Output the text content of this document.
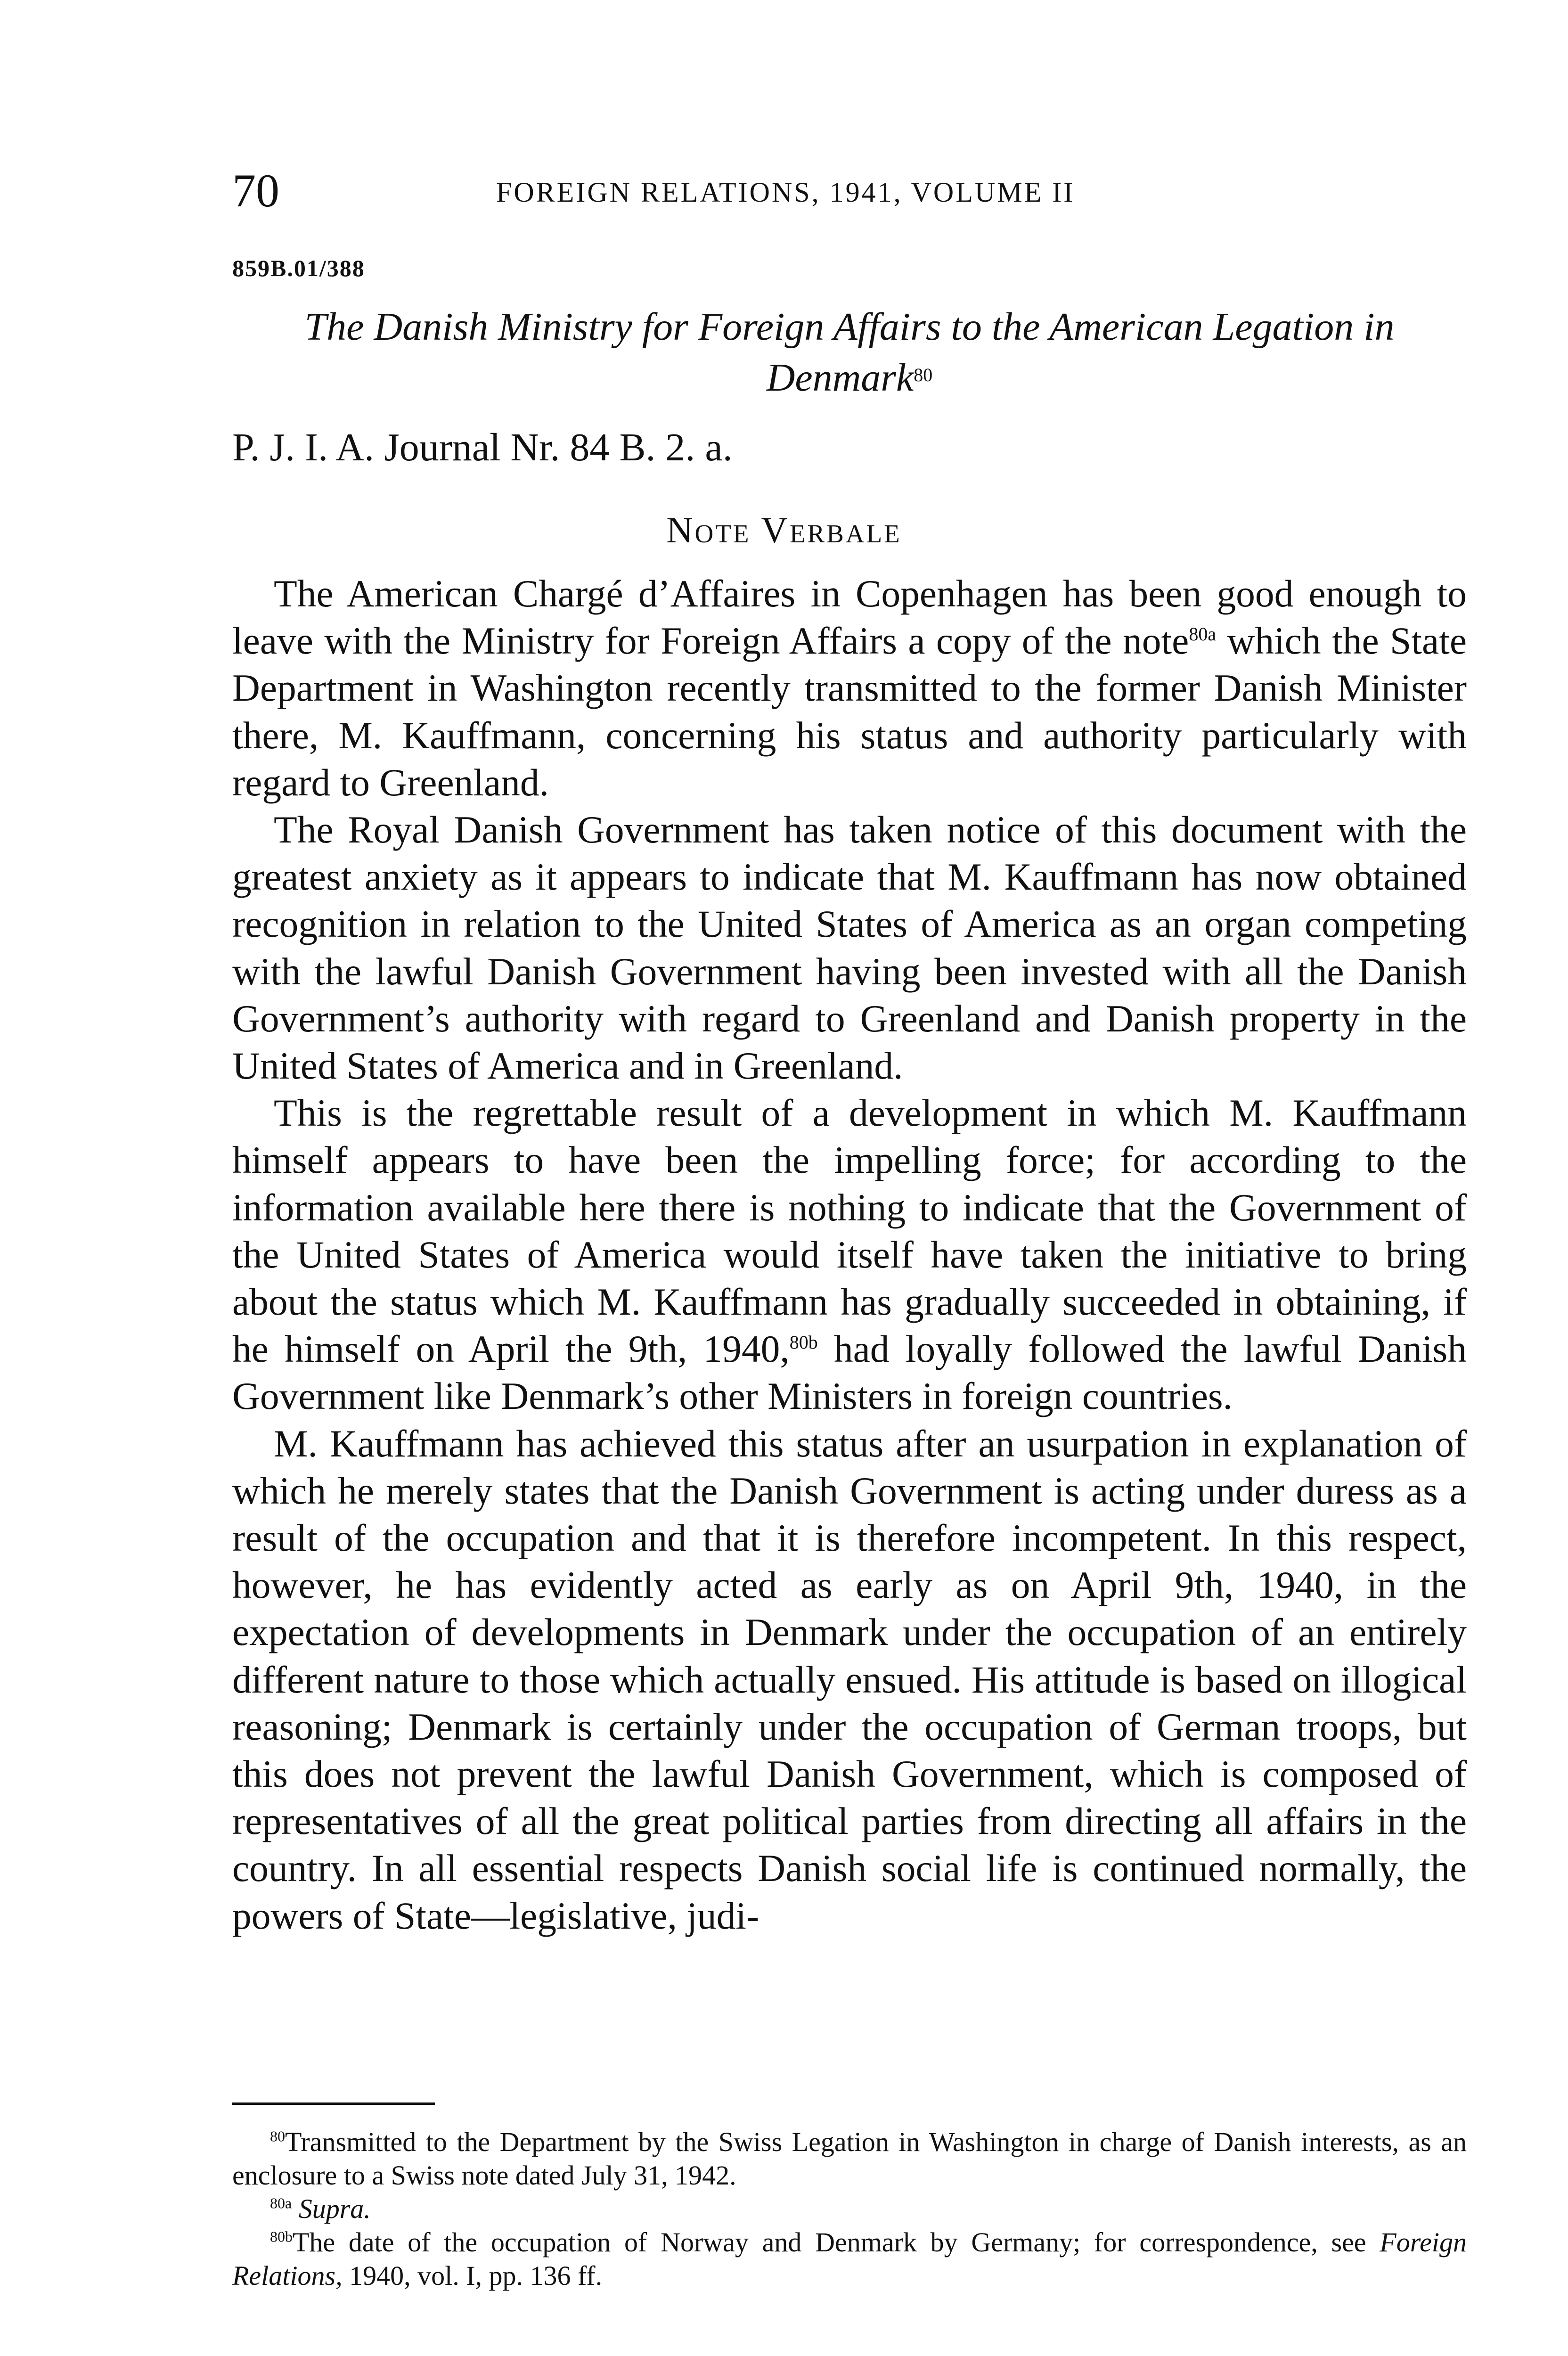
70	FOREIGN RELATIONS, 1941, VOLUME II
859B.01/388
The Danish Ministry for Foreign Affairs to the American Legation in Denmark$^{80}$
P. J. I. A. Journal Nr. 84 B. 2. a.
Note Verbale

The American Chargé d’Affaires in Copenhagen has been good enough to leave with the Ministry for Foreign Affairs a copy of the note$^{80a}$ which the State Department in Washington recently transmitted to the former Danish Minister there, M. Kauffmann, concerning his status and authority particularly with regard to Greenland.

The Royal Danish Government has taken notice of this document with the greatest anxiety as it appears to indicate that M. Kauffmann has now obtained recognition in relation to the United States of America as an organ competing with the lawful Danish Government having been invested with all the Danish Government’s authority with regard to Greenland and Danish property in the United States of America and in Greenland.

This is the regrettable result of a development in which M. Kauffmann himself appears to have been the impelling force; for according to the information available here there is nothing to indicate that the Government of the United States of America would itself have taken the initiative to bring about the status which M. Kauffmann has gradually succeeded in obtaining, if he himself on April the 9th, 1940,$^{80b}$ had loyally followed the lawful Danish Government like Denmark’s other Ministers in foreign countries.

M. Kauffmann has achieved this status after an usurpation in explanation of which he merely states that the Danish Government is acting under duress as a result of the occupation and that it is therefore incompetent. In this respect, however, he has evidently acted as early as on April 9th, 1940, in the expectation of developments in Denmark under the occupation of an entirely different nature to those which actually ensued. His attitude is based on illogical reasoning; Denmark is certainly under the occupation of German troops, but this does not prevent the lawful Danish Government, which is composed of representatives of all the great political parties from directing all affairs in the country. In all essential respects Danish social life is continued normally, the powers of State—legislative, judi-

$^{80}$Transmitted to the Department by the Swiss Legation in Washington in charge of Danish interests, as an enclosure to a Swiss note dated July 31, 1942.

$^{80a}$ Supra.

$^{80b}$The date of the occupation of Norway and Denmark by Germany; for correspondence, see Foreign Relations, 1940, vol. I, pp. 136 ff.
